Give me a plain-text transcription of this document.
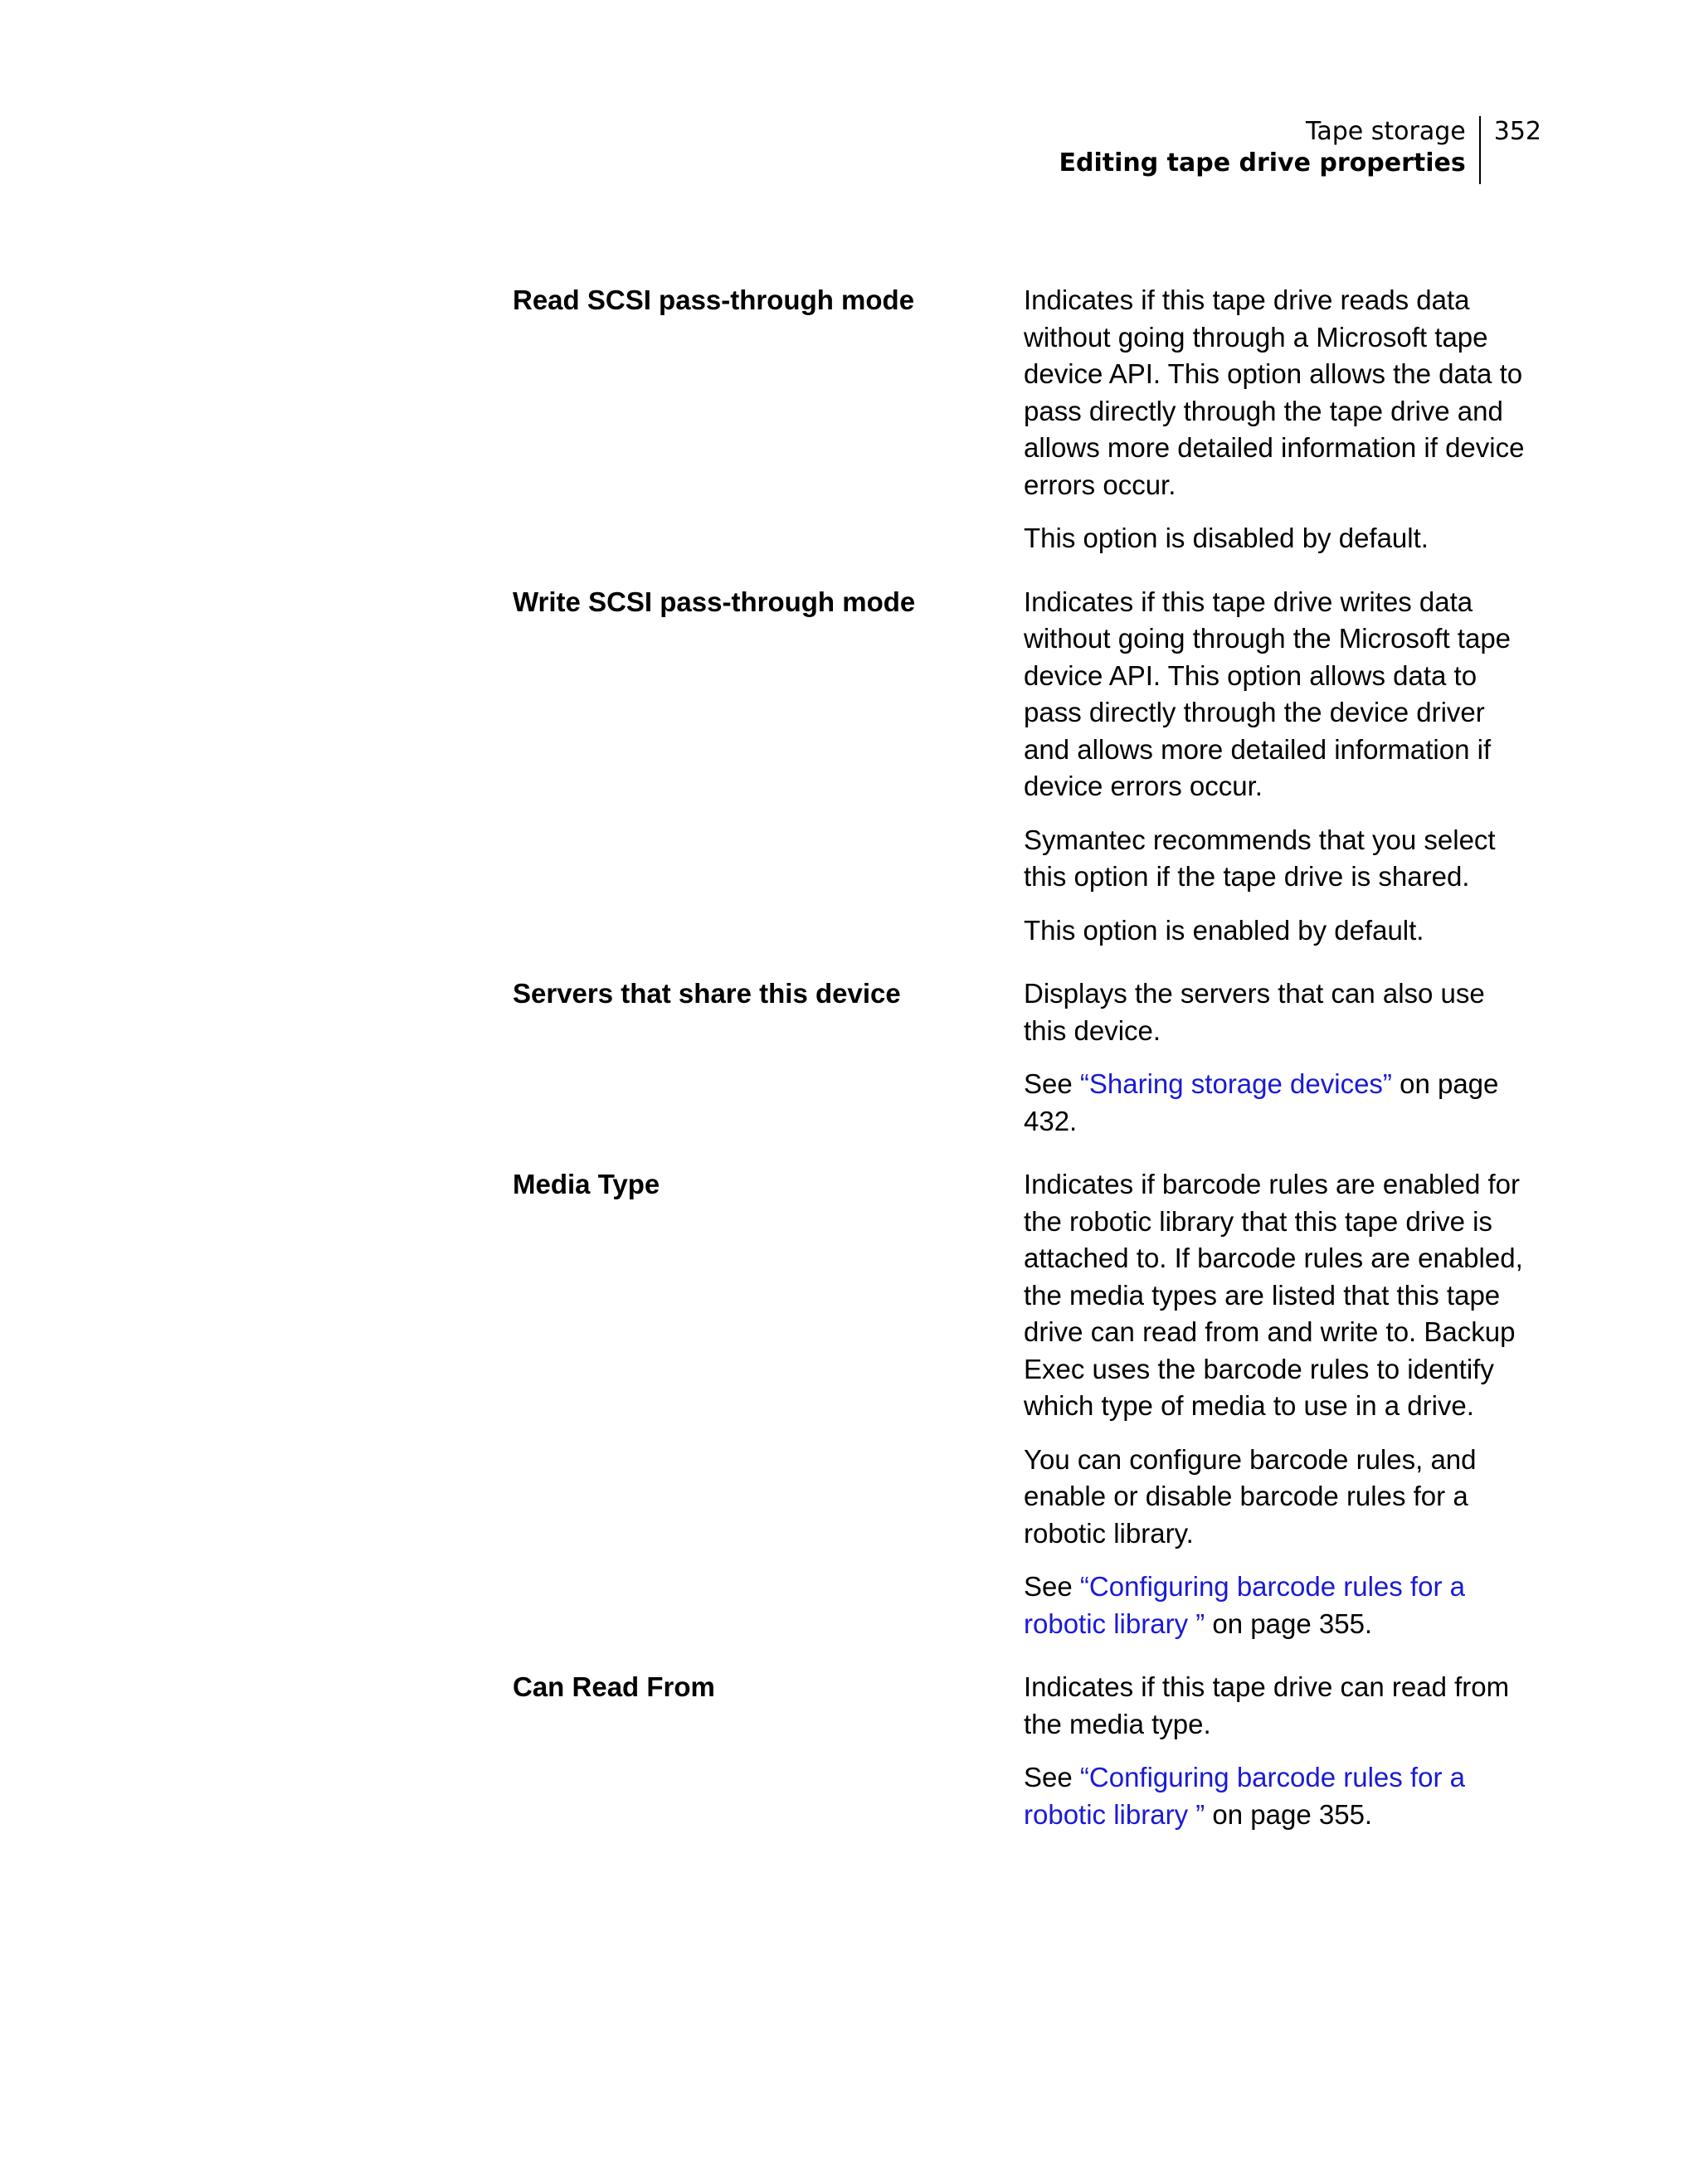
Tape storage
Editing tape drive properties
352
Read SCSI pass-through mode	Indicates if this tape drive reads data without going through a Microsoft tape device API. This option allows the data to pass directly through the tape drive and allows more detailed information if device errors occur.

This option is disabled by default.

Write SCSI pass-through mode	Indicates if this tape drive writes data without going through the Microsoft tape device API. This option allows data to pass directly through the device driver and allows more detailed information if device errors occur.

Symantec recommends that you select this option if the tape drive is shared.

This option is enabled by default.

Servers that share this device	Displays the servers that can also use this device.

See “Sharing storage devices” on page 432.

Media Type	Indicates if barcode rules are enabled for the robotic library that this tape drive is attached to. If barcode rules are enabled, the media types are listed that this tape drive can read from and write to. Backup Exec uses the barcode rules to identify which type of media to use in a drive.

You can configure barcode rules, and enable or disable barcode rules for a robotic library.

See “Configuring barcode rules for a robotic library ” on page 355.

Can Read From	Indicates if this tape drive can read from the media type.

See “Configuring barcode rules for a robotic library ” on page 355.
